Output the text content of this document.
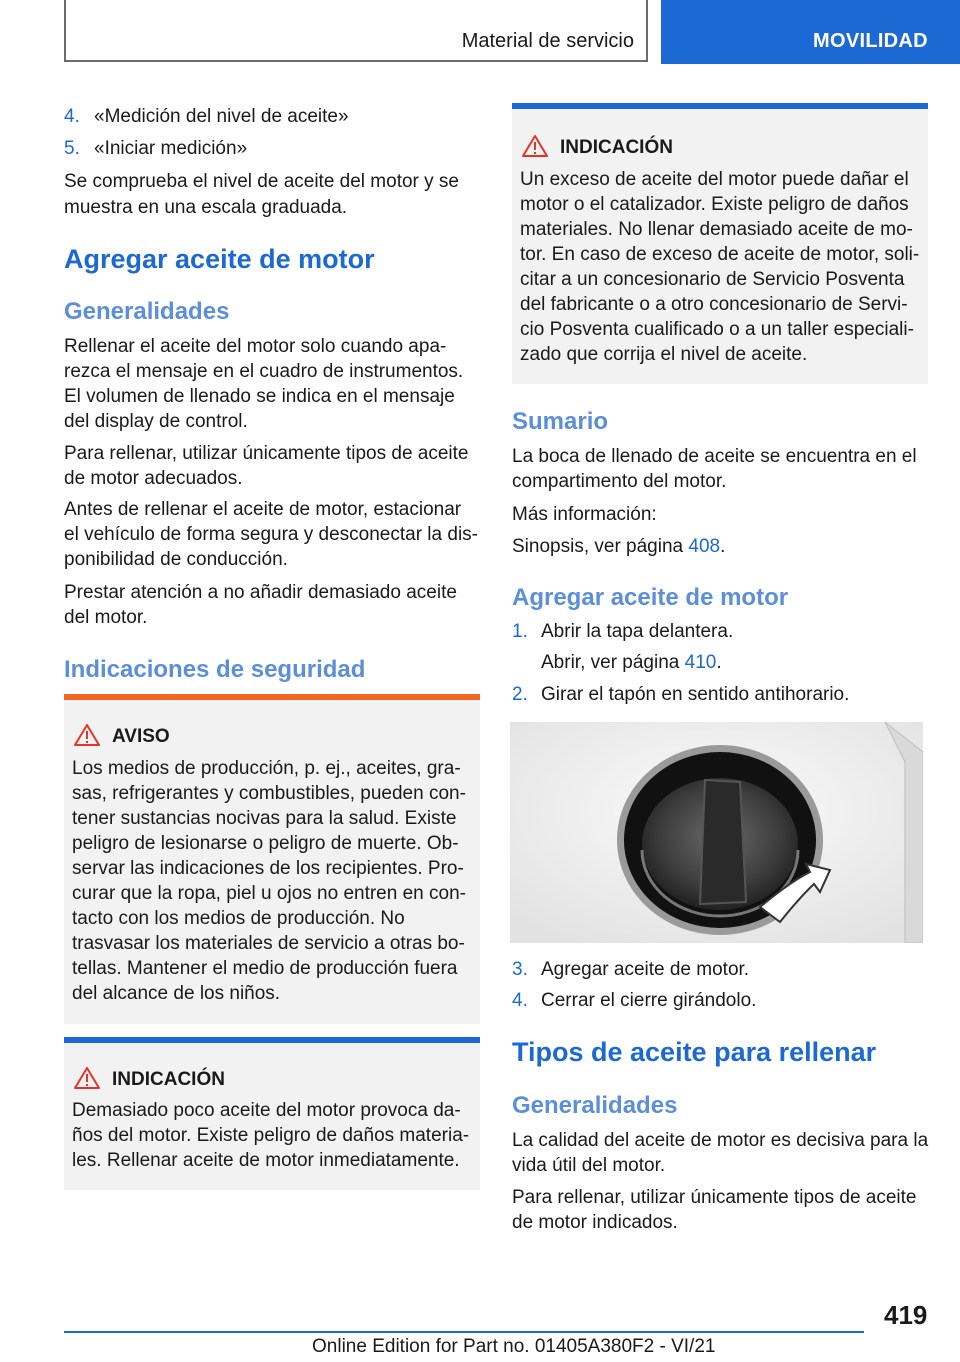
Material de servicio	MOVILIDAD
4. «Medición del nivel de aceite»

5. «Iniciar medición»

Se comprueba el nivel de aceite del motor y se

muestra en una escala graduada.

Agregar aceite de motor
Generalidades

Rellenar el aceite del motor solo cuando apa-

rezca el mensaje en el cuadro de instrumentos.

El volumen de llenado se indica en el mensaje

del display de control.

Para rellenar, utilizar únicamente tipos de aceite

de motor adecuados.

Antes de rellenar el aceite de motor, estacionar

el vehículo de forma segura y desconectar la dis-

ponibilidad de conducción.

Prestar atención a no añadir demasiado aceite

del motor.

Indicaciones de seguridad
AVISO

Los medios de producción, p. ej., aceites, gra-

sas, refrigerantes y combustibles, pueden con-

tener sustancias nocivas para la salud. Existe

peligro de lesionarse o peligro de muerte. Ob-

servar las indicaciones de los recipientes. Pro-

curar que la ropa, piel u ojos no entren en con-

tacto con los medios de producción. No

trasvasar los materiales de servicio a otras bo-

tellas. Mantener el medio de producción fuera

del alcance de los niños.

INDICACIÓN

Demasiado poco aceite del motor provoca da-

ños del motor. Existe peligro de daños materia-

les. Rellenar aceite de motor inmediatamente.

INDICACIÓN

Un exceso de aceite del motor puede dañar el

motor o el catalizador. Existe peligro de daños

materiales. No llenar demasiado aceite de mo-

tor. En caso de exceso de aceite de motor, soli-

citar a un concesionario de Servicio Posventa

del fabricante o a otro concesionario de Servi-

cio Posventa cualificado o a un taller especiali-

zado que corrija el nivel de aceite.

Sumario

La boca de llenado de aceite se encuentra en el

compartimento del motor.

Más información:

Sinopsis, ver página 408.

Agregar aceite de motor
1. Abrir la tapa delantera.

Abrir, ver página 410.

2. Girar el tapón en sentido antihorario.

3. Agregar aceite de motor.

4. Cerrar el cierre girándolo.

Tipos de aceite para rellenar
Generalidades

La calidad del aceite de motor es decisiva para la

vida útil del motor.

Para rellenar, utilizar únicamente tipos de aceite

de motor indicados.

419
Online Edition for Part no. 01405A380F2 - VI/21
